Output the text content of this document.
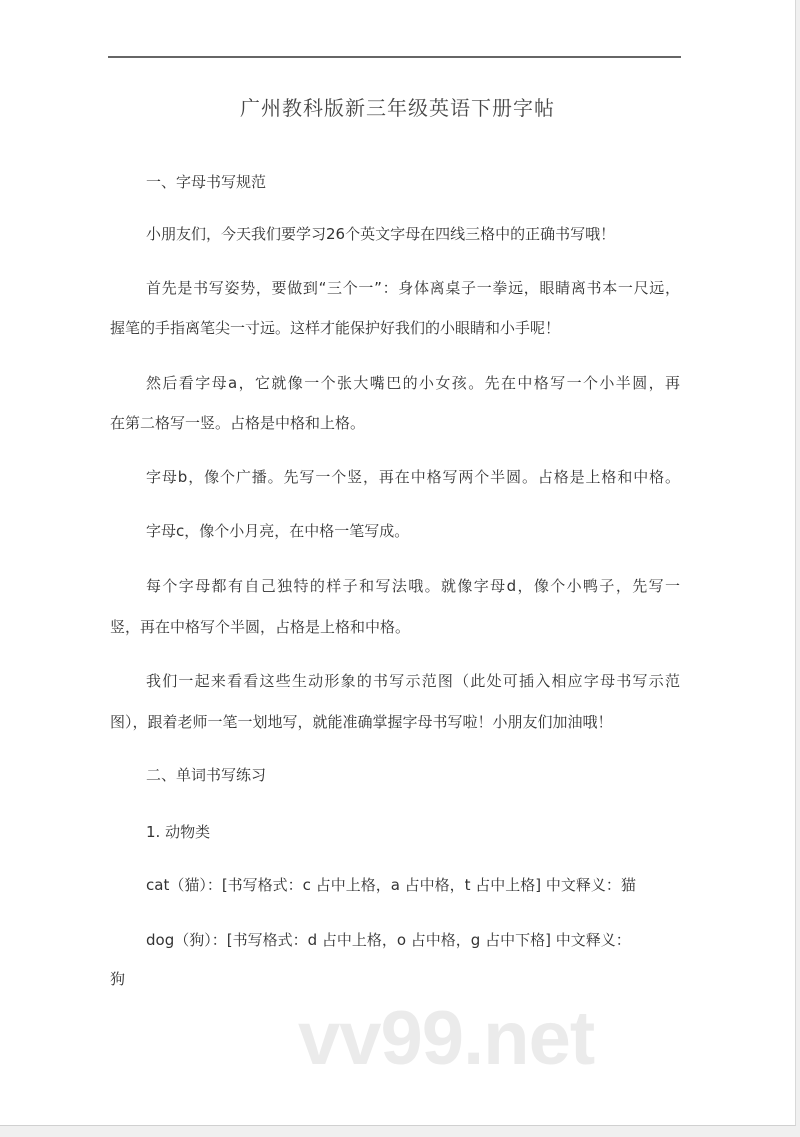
广州教科版新三年级英语下册字帖
一、字母书写规范
小朋友们，今天我们要学习26个英文字母在四线三格中的正确书写哦！
首先是书写姿势，要做到“三个一”：身体离桌子一拳远，眼睛离书本一尺远，
握笔的手指离笔尖一寸远。这样才能保护好我们的小眼睛和小手呢！
然后看字母a，它就像一个张大嘴巴的小女孩。先在中格写一个小半圆，再
在第二格写一竖。占格是中格和上格。
字母b，像个广播。先写一个竖，再在中格写两个半圆。占格是上格和中格。
字母c，像个小月亮，在中格一笔写成。
每个字母都有自己独特的样子和写法哦。就像字母d，像个小鸭子，先写一
竖，再在中格写个半圆，占格是上格和中格。
我们一起来看看这些生动形象的书写示范图（此处可插入相应字母书写示范
图），跟着老师一笔一划地写，就能准确掌握字母书写啦！小朋友们加油哦！
二、单词书写练习
1. 动物类
cat（猫）：[书写格式：c 占中上格，a 占中格，t 占中上格] 中文释义：猫
dog（狗）：[书写格式：d 占中上格，o 占中格，g 占中下格] 中文释义：
狗
vv99.net
